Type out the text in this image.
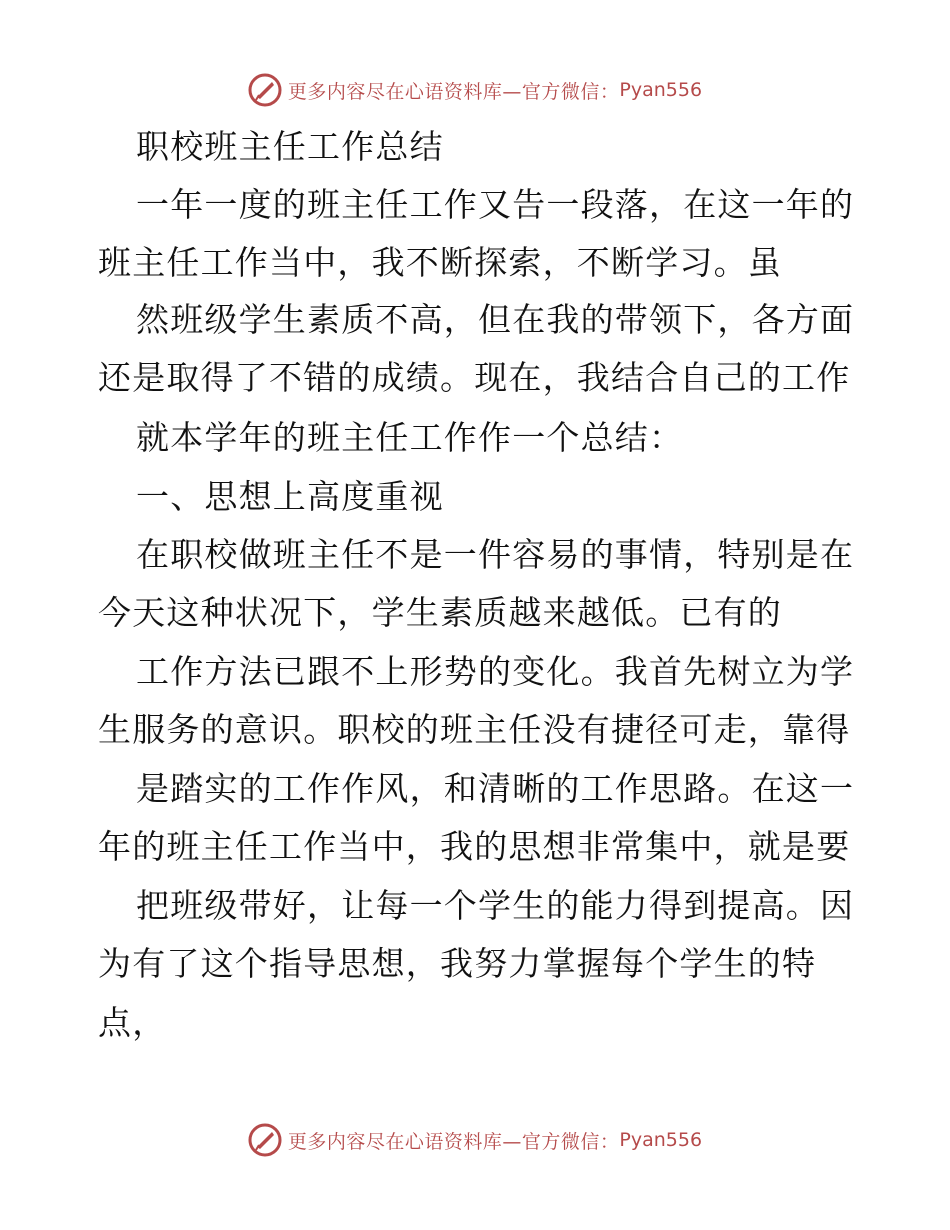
更多内容尽在心语资料库—官方微信： Pyan556
职校班主任工作总结
一年一度的班主任工作又告一段落，在这一年的
班主任工作当中，我不断探索，不断学习。虽
然班级学生素质不高，但在我的带领下，各方面
还是取得了不错的成绩。现在，我结合自己的工作
就本学年的班主任工作作一个总结：
一、思想上高度重视
在职校做班主任不是一件容易的事情，特别是在
今天这种状况下，学生素质越来越低。已有的
工作方法已跟不上形势的变化。我首先树立为学
生服务的意识。职校的班主任没有捷径可走，靠得
是踏实的工作作风，和清晰的工作思路。在这一
年的班主任工作当中，我的思想非常集中，就是要
把班级带好，让每一个学生的能力得到提高。因
为有了这个指导思想，我努力掌握每个学生的特
点，
更多内容尽在心语资料库—官方微信： Pyan556
